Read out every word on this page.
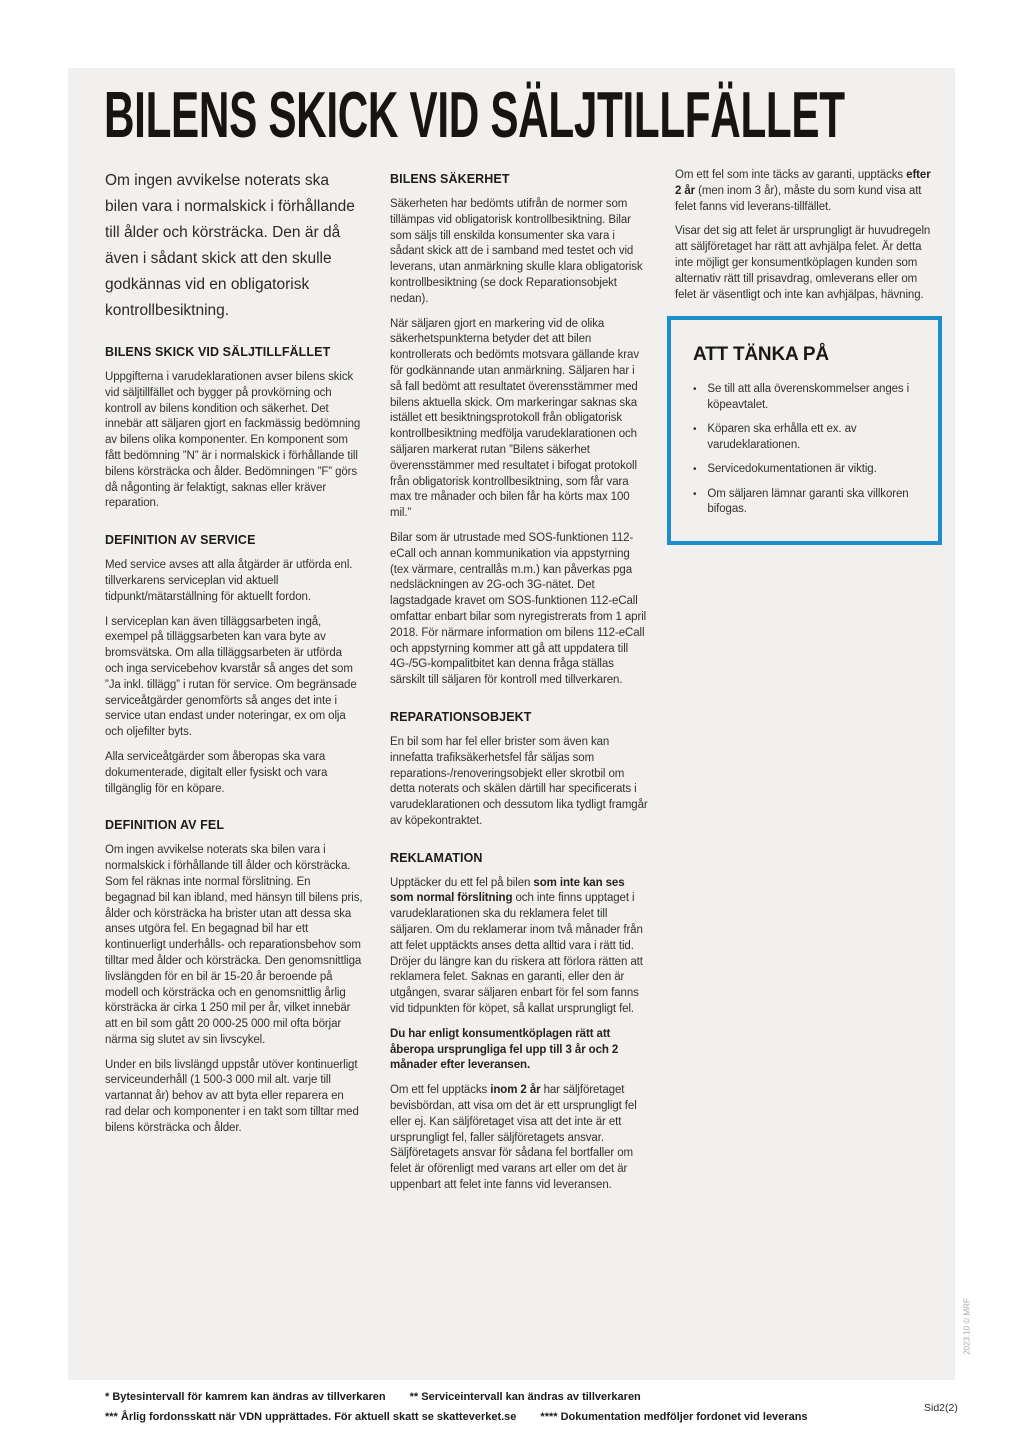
BILENS SKICK VID SÄLJTILLFÄLLET

Om ingen avvikelse noterats ska bilen vara i normalskick i förhållande till ålder och körsträcka. Den är då även i sådant skick att den skulle godkännas vid en obligatorisk kontrollbesiktning.

BILENS SKICK VID SÄLJTILLFÄLLET

Uppgifterna i varudeklarationen avser bilens skick vid säljtillfället och bygger på provkörning och kontroll av bilens kondition och säkerhet. Det innebär att säljaren gjort en fackmässig bedömning av bilens olika komponenter. En komponent som fått bedömning ”N” är i normalskick i förhållande till bilens körsträcka och ålder. Bedömningen ”F” görs då någonting är felaktigt, saknas eller kräver reparation.

DEFINITION AV SERVICE

Med service avses att alla åtgärder är utförda enl. tillverkarens serviceplan vid aktuell tidpunkt/mätarställning för aktuellt fordon.

I serviceplan kan även tilläggsarbeten ingå, exempel på tilläggsarbeten kan vara byte av bromsvätska. Om alla tilläggsarbeten är utförda och inga servicebehov kvarstår så anges det som ”Ja inkl. tillägg” i rutan för service. Om begränsade serviceåtgärder genomförts så anges det inte i service utan endast under noteringar, ex om olja och oljefilter byts.

Alla serviceåtgärder som åberopas ska vara dokumenterade, digitalt eller fysiskt och vara tillgänglig för en köpare.

DEFINITION AV FEL

Om ingen avvikelse noterats ska bilen vara i normalskick i förhållande till ålder och körsträcka. Som fel räknas inte normal förslitning. En begagnad bil kan ibland, med hänsyn till bilens pris, ålder och körsträcka ha brister utan att dessa ska anses utgöra fel. En begagnad bil har ett kontinuerligt underhålls- och reparationsbehov som tilltar med ålder och körsträcka. Den genomsnittliga livslängden för en bil är 15-20 år beroende på modell och körsträcka och en genomsnittlig årlig körsträcka är cirka 1 250 mil per år, vilket innebär att en bil som gått 20 000-25 000 mil ofta börjar närma sig slutet av sin livscykel.

Under en bils livslängd uppstår utöver kontinuerligt serviceunderhåll (1 500-3 000 mil alt. varje till vartannat år) behov av att byta eller reparera en rad delar och komponenter i en takt som tilltar med bilens körsträcka och ålder.

BILENS SÄKERHET

Säkerheten har bedömts utifrån de normer som tillämpas vid obligatorisk kontrollbesiktning. Bilar som säljs till enskilda konsumenter ska vara i sådant skick att de i samband med testet och vid leverans, utan anmärkning skulle klara obligatorisk kontrollbesiktning (se dock Reparationsobjekt nedan).

När säljaren gjort en markering vid de olika säkerhetspunkterna betyder det att bilen kontrollerats och bedömts motsvara gällande krav för godkännande utan anmärkning. Säljaren har i så fall bedömt att resultatet överensstämmer med bilens aktuella skick. Om markeringar saknas ska istället ett besiktningsprotokoll från obligatorisk kontrollbesiktning medfölja varudeklarationen och säljaren markerat rutan ”Bilens säkerhet överensstämmer med resultatet i bifogat protokoll från obligatorisk kontrollbesiktning, som får vara max tre månader och bilen får ha körts max 100 mil.”

Bilar som är utrustade med SOS-funktionen 112-eCall och annan kommunikation via appstyrning (tex värmare, centrallås m.m.) kan påverkas pga nedsläckningen av 2G-och 3G-nätet. Det lagstadgade kravet om SOS-funktionen 112-eCall omfattar enbart bilar som nyregistrerats from 1 april 2018. För närmare information om bilens 112-eCall och appstyrning kommer att gå att uppdatera till 4G-/5G-kompalitbitet kan denna fråga ställas särskilt till säljaren för kontroll med tillverkaren.

REPARATIONSOBJEKT

En bil som har fel eller brister som även kan innefatta trafiksäkerhetsfel får säljas som reparations-/renoveringsobjekt eller skrotbil om detta noterats och skälen därtill har specificerats i varudeklarationen och dessutom lika tydligt framgår av köpekontraktet.

REKLAMATION

Upptäcker du ett fel på bilen som inte kan ses som normal förslitning och inte finns upptaget i varudeklarationen ska du reklamera felet till säljaren. Om du reklamerar inom två månader från att felet upptäckts anses detta alltid vara i rätt tid. Dröjer du längre kan du riskera att förlora rätten att reklamera felet. Saknas en garanti, eller den är utgången, svarar säljaren enbart för fel som fanns vid tidpunkten för köpet, så kallat ursprungligt fel.

Du har enligt konsumentköplagen rätt att åberopa ursprungliga fel upp till 3 år och 2 månader efter leveransen.

Om ett fel upptäcks inom 2 år har säljföretaget bevisbördan, att visa om det är ett ursprungligt fel eller ej. Kan säljföretaget visa att det inte är ett ursprungligt fel, faller säljföretagets ansvar. Säljföretagets ansvar för sådana fel bortfaller om felet är oförenligt med varans art eller om det är uppenbart att felet inte fanns vid leveransen.

Om ett fel som inte täcks av garanti, upptäcks efter 2 år (men inom 3 år), måste du som kund visa att felet fanns vid leverans-tillfället.

Visar det sig att felet är ursprungligt är huvudregeln att säljföretaget har rätt att avhjälpa felet. Är detta inte möjligt ger konsumentköplagen kunden som alternativ rätt till prisavdrag, omleverans eller om felet är väsentligt och inte kan avhjälpas, hävning.

ATT TÄNKA PÅ
• Se till att alla överenskommelser anges i köpeavtalet.
• Köparen ska erhålla ett ex. av varudeklarationen.
• Servicedokumentationen är viktig.
• Om säljaren lämnar garanti ska villkoren bifogas.
* Bytesintervall för kamrem kan ändras av tillverkaren ** Serviceintervall kan ändras av tillverkaren
*** Årlig fordonsskatt när VDN upprättades. För aktuell skatt se skatteverket.se **** Dokumentation medföljer fordonet vid leverans
Sid2(2)
2023.10 © MRF
